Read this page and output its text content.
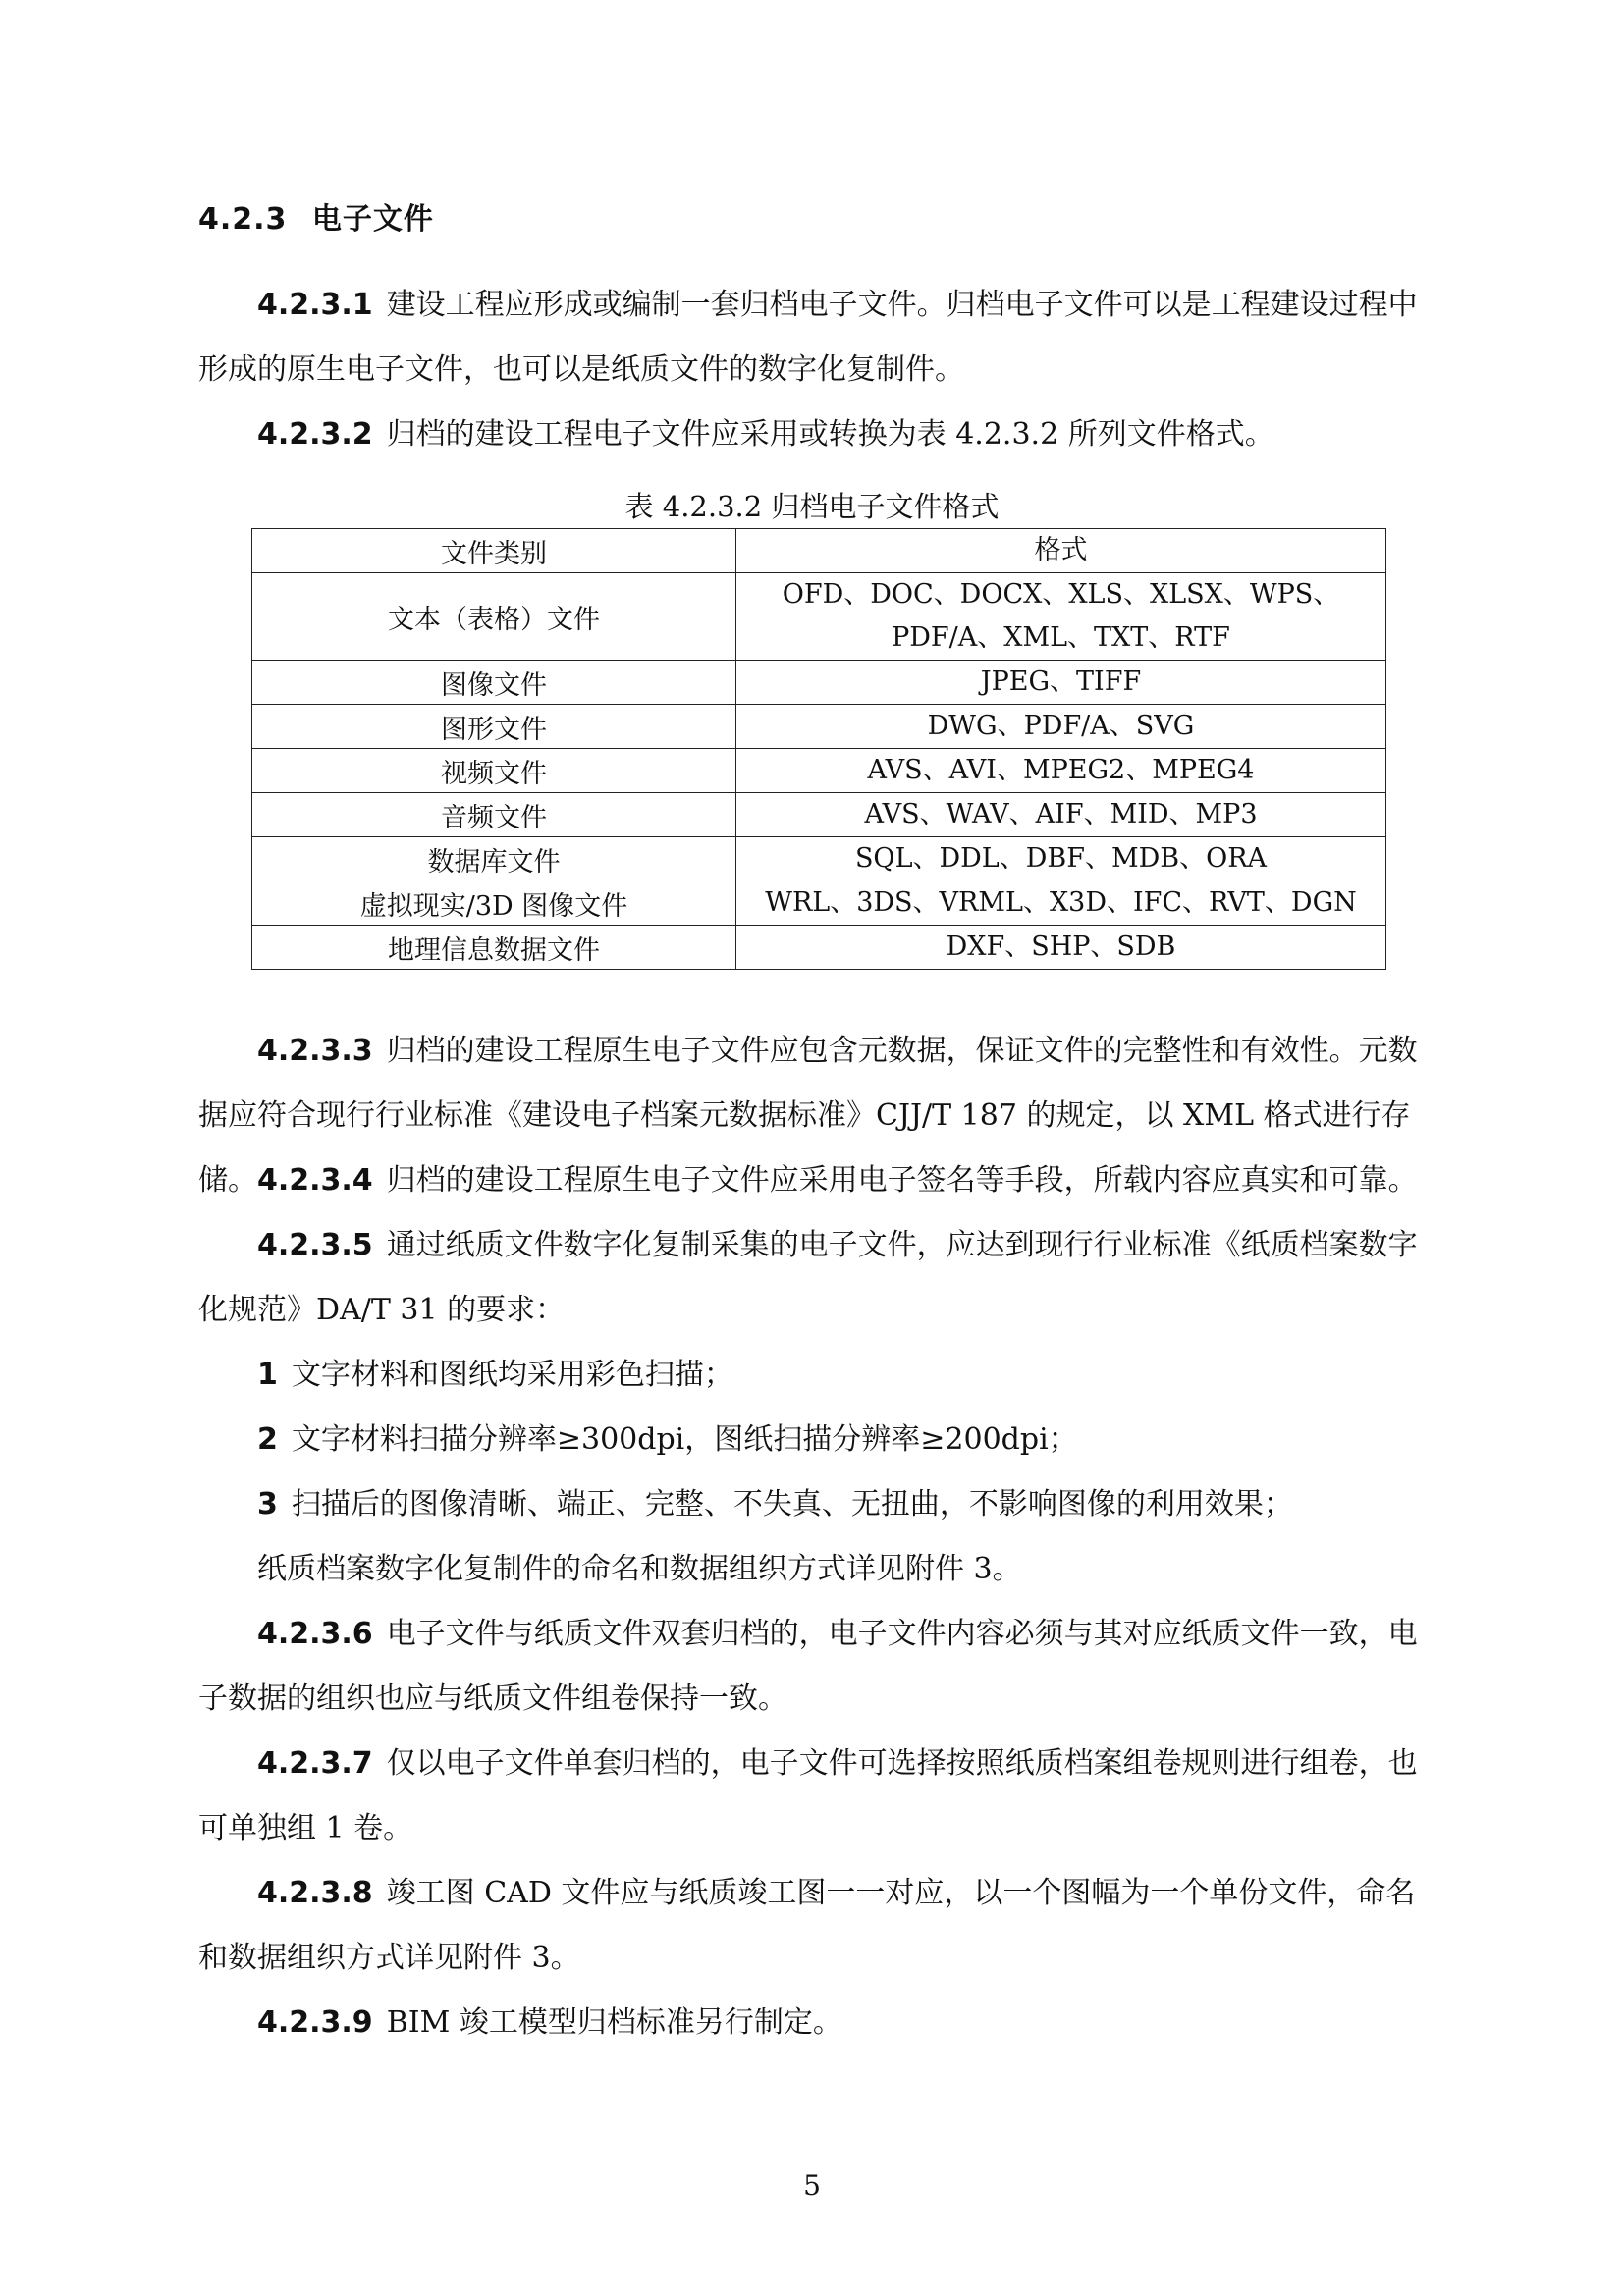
4.2.3 电子文件
4.2.3.1 建设工程应形成或编制一套归档电子文件。归档电子文件可以是工程建设过程中形成的原生电子文件，也可以是纸质文件的数字化复制件。
4.2.3.2 归档的建设工程电子文件应采用或转换为表 4.2.3.2 所列文件格式。
表 4.2.3.2 归档电子文件格式
文件类别	格式
文本（表格）文件	OFD、DOC、DOCX、XLS、XLSX、WPS、
PDF/A、XML、TXT、RTF

图像文件	JPEG、TIFF
图形文件	DWG、PDF/A、SVG
视频文件	AVS、AVI、MPEG2、MPEG4
音频文件	AVS、WAV、AIF、MID、MP3
数据库文件	SQL、DDL、DBF、MDB、ORA
虚拟现实/3D 图像文件	WRL、3DS、VRML、X3D、IFC、RVT、DGN
地理信息数据文件	DXF、SHP、SDB
4.2.3.3 归档的建设工程原生电子文件应包含元数据，保证文件的完整性和有效性。元数据应符合现行行业标准《建设电子档案元数据标准》CJJ/T 187 的规定，以 XML 格式进行存储。 4.2.3.4 归档的建设工程原生电子文件应采用电子签名等手段，所载内容应真实和可靠。
4.2.3.5 通过纸质文件数字化复制采集的电子文件，应达到现行行业标准《纸质档案数字化规范》DA/T 31 的要求：
1 文字材料和图纸均采用彩色扫描；
2 文字材料扫描分辨率≥300dpi，图纸扫描分辨率≥200dpi；
3 扫描后的图像清晰、端正、完整、不失真、无扭曲，不影响图像的利用效果；
纸质档案数字化复制件的命名和数据组织方式详见附件 3。
4.2.3.6 电子文件与纸质文件双套归档的，电子文件内容必须与其对应纸质文件一致，电子数据的组织也应与纸质文件组卷保持一致。
4.2.3.7 仅以电子文件单套归档的，电子文件可选择按照纸质档案组卷规则进行组卷，也可单独组 1 卷。
4.2.3.8 竣工图 CAD 文件应与纸质竣工图一一对应，以一个图幅为一个单份文件，命名和数据组织方式详见附件 3。
4.2.3.9 BIM 竣工模型归档标准另行制定。
5
